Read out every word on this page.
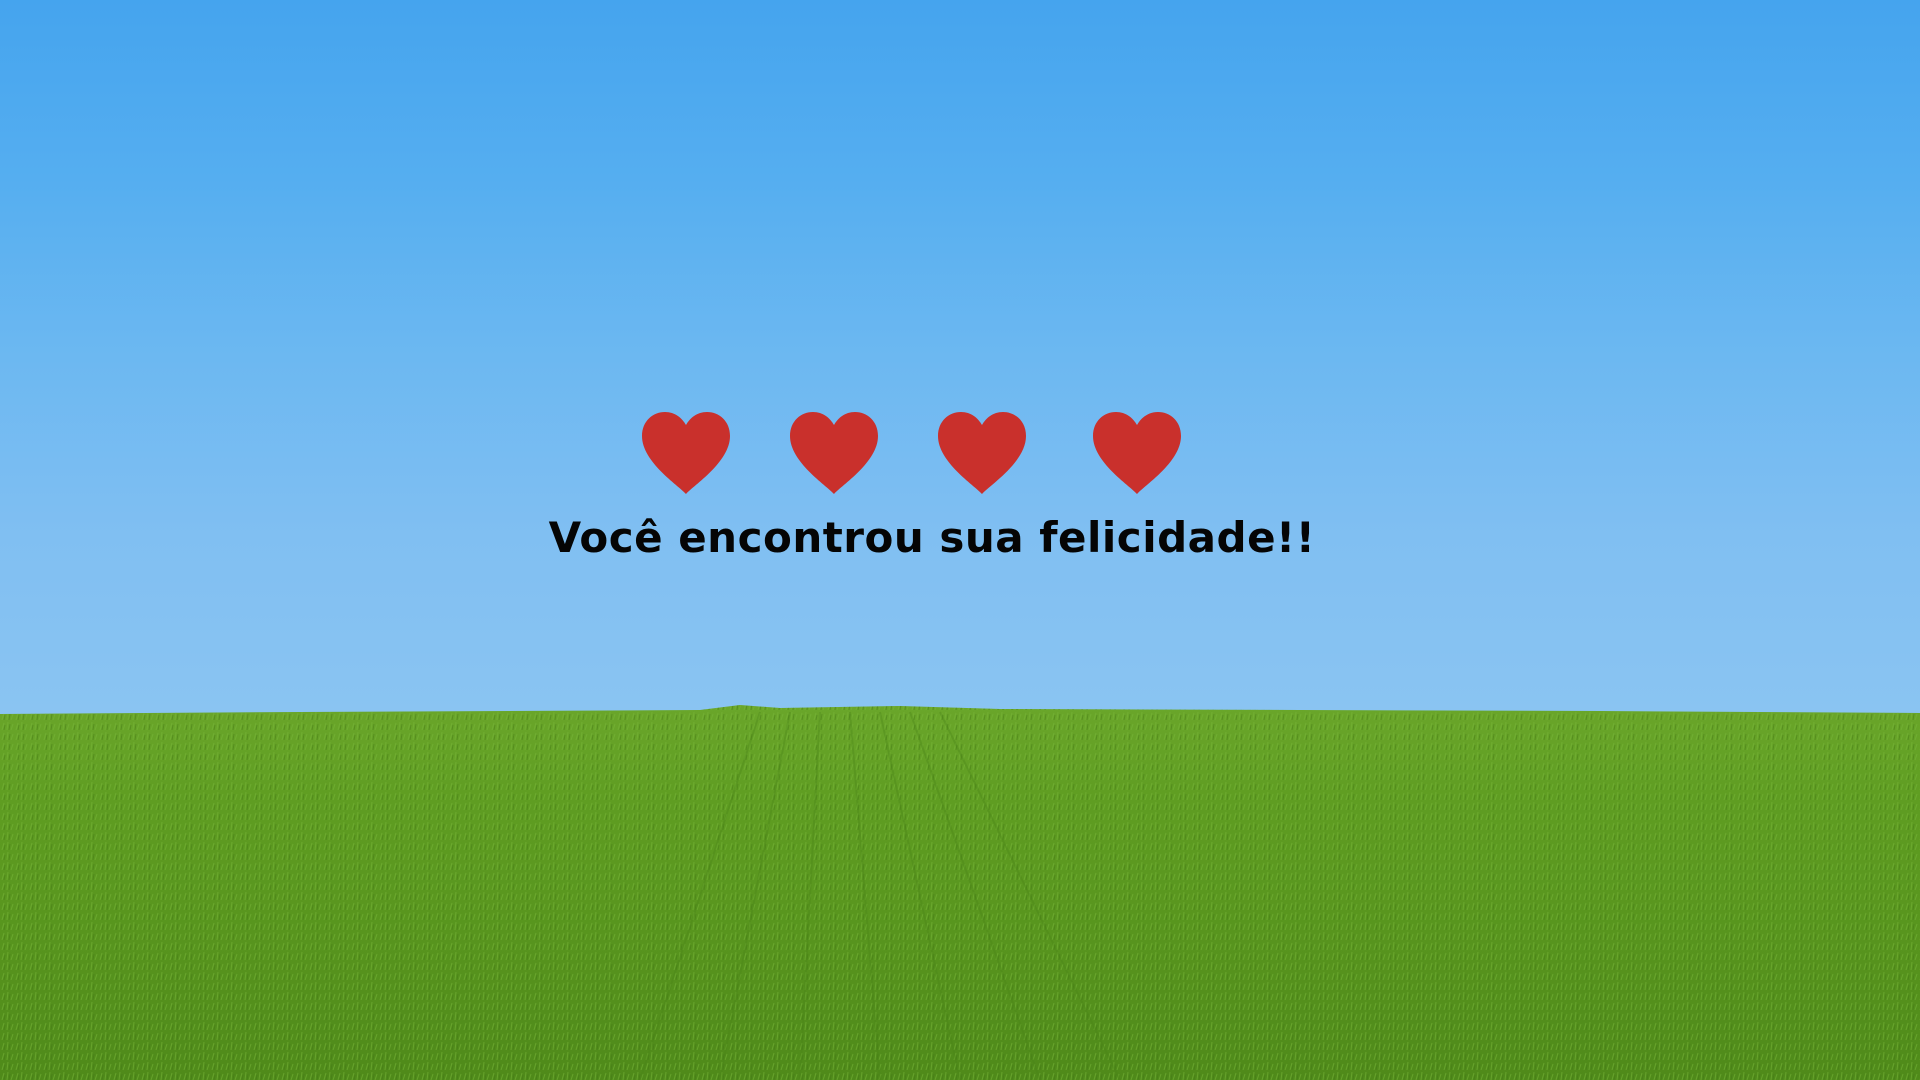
Você encontrou sua felicidade!!
